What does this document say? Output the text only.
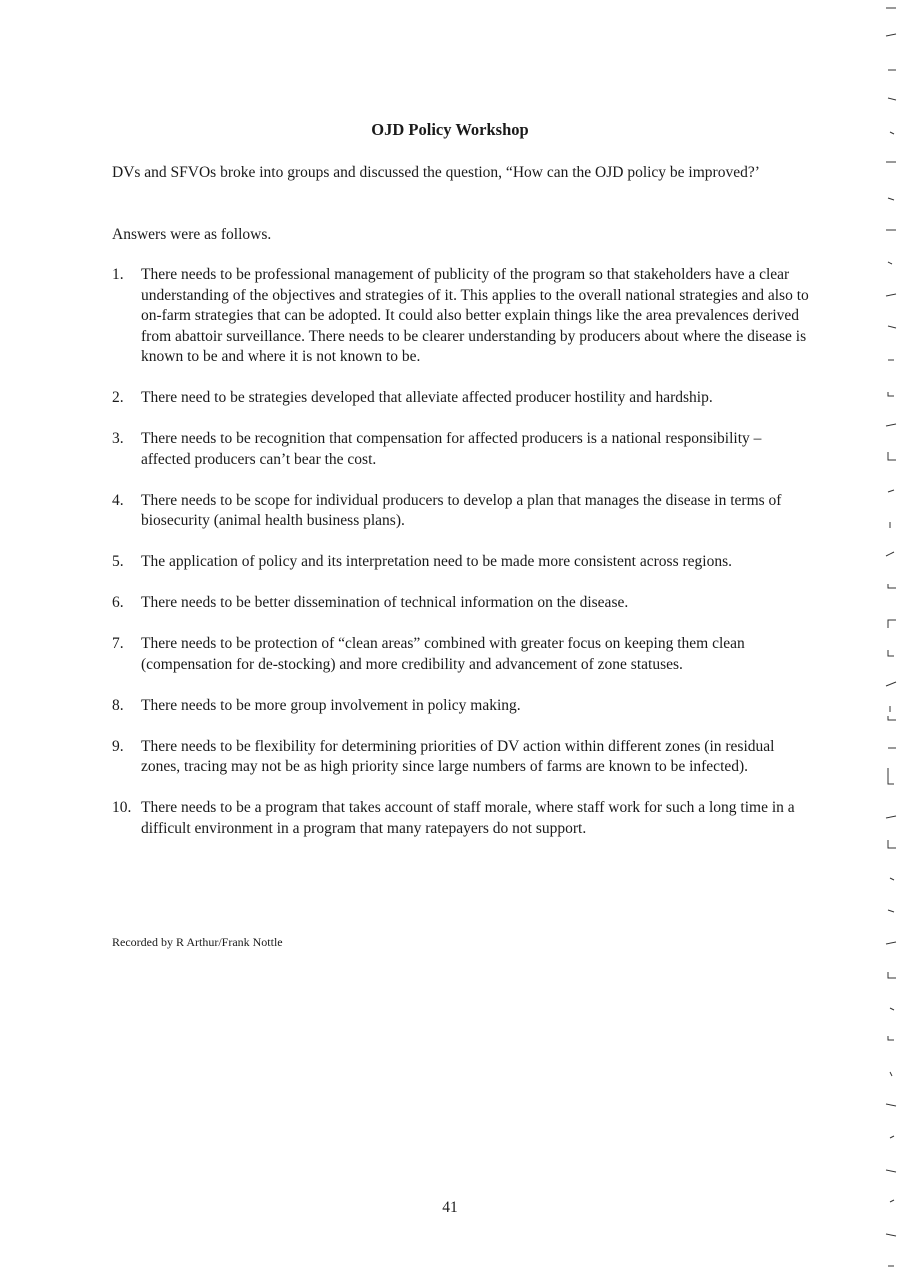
OJD Policy Workshop
DVs and SFVOs broke into groups and discussed the question, “How can the OJD policy be improved?’
Answers were as follows.
1. There needs to be professional management of publicity of the program so that stakeholders have a clear understanding of the objectives and strategies of it. This applies to the overall national strategies and also to on-farm strategies that can be adopted. It could also better explain things like the area prevalences derived from abattoir surveillance. There needs to be clearer understanding by producers about where the disease is known to be and where it is not known to be.
2. There need to be strategies developed that alleviate affected producer hostility and hardship.
3. There needs to be recognition that compensation for affected producers is a national responsibility – affected producers can’t bear the cost.
4. There needs to be scope for individual producers to develop a plan that manages the disease in terms of biosecurity (animal health business plans).
5. The application of policy and its interpretation need to be made more consistent across regions.
6. There needs to be better dissemination of technical information on the disease.
7. There needs to be protection of “clean areas” combined with greater focus on keeping them clean (compensation for de-stocking) and more credibility and advancement of zone statuses.
8. There needs to be more group involvement in policy making.
9. There needs to be flexibility for determining priorities of DV action within different zones (in residual zones, tracing may not be as high priority since large numbers of farms are known to be infected).
10. There needs to be a program that takes account of staff morale, where staff work for such a long time in a difficult environment in a program that many ratepayers do not support.
Recorded by R Arthur/Frank Nottle
41
